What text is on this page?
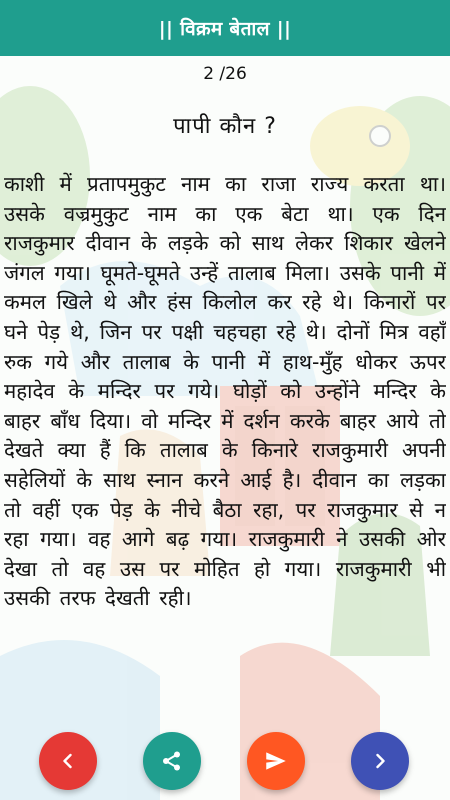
|| विक्रम बेताल ||
2 /26
पापी कौन ?
काशी में प्रतापमुकुट नाम का राजा राज्य करता था। उसके वज्रमुकुट नाम का एक बेटा था। एक दिन राजकुमार दीवान के लड़के को साथ लेकर शिकार खेलने जंगल गया। घूमते-घूमते उन्हें तालाब मिला। उसके पानी में कमल खिले थे और हंस किलोल कर रहे थे। किनारों पर घने पेड़ थे, जिन पर पक्षी चहचहा रहे थे। दोनों मित्र वहाँ रुक गये और तालाब के पानी में हाथ-मुँह धोकर ऊपर महादेव के मन्दिर पर गये। घोड़ों को उन्होंने मन्दिर के बाहर बाँध दिया। वो मन्दिर में दर्शन करके बाहर आये तो देखते क्या हैं कि तालाब के किनारे राजकुमारी अपनी सहेलियों के साथ स्नान करने आई है। दीवान का लड़का तो वहीं एक पेड़ के नीचे बैठा रहा, पर राजकुमार से न रहा गया। वह आगे बढ़ गया। राजकुमारी ने उसकी ओर देखा तो वह उस पर मोहित हो गया। राजकुमारी भी उसकी तरफ देखती रही।
